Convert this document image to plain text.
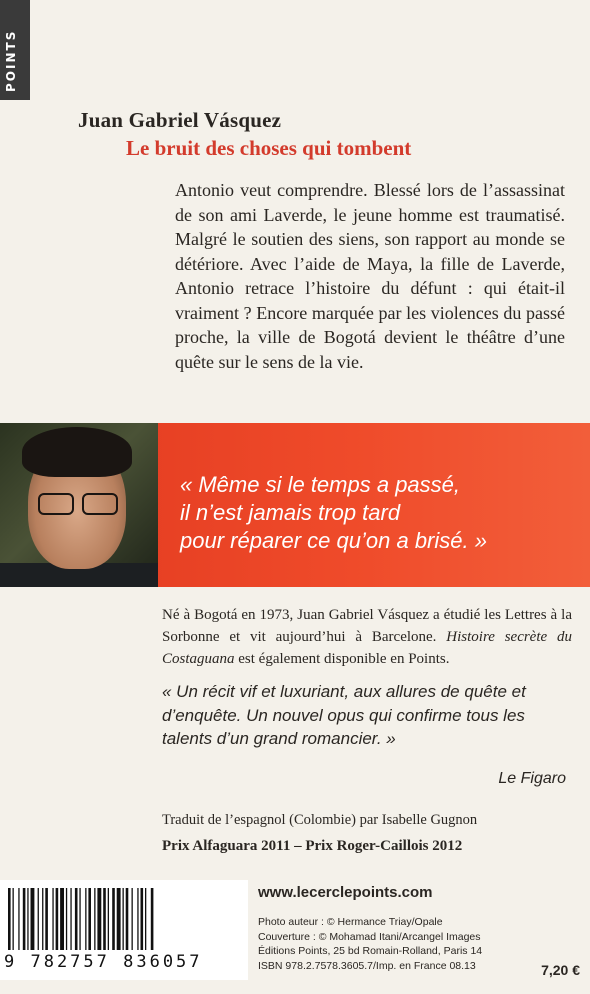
POINTS
Juan Gabriel Vásquez
Le bruit des choses qui tombent
Antonio veut comprendre. Blessé lors de l’assassinat de son ami Laverde, le jeune homme est traumatisé. Malgré le soutien des siens, son rapport au monde se détériore. Avec l’aide de Maya, la fille de Laverde, Antonio retrace l’histoire du défunt : qui était-il vraiment ? Encore marquée par les violences du passé proche, la ville de Bogotá devient le théâtre d’une quête sur le sens de la vie.
« Même si le temps a passé,
il n’est jamais trop tard
pour réparer ce qu’on a brisé. »
Né à Bogotá en 1973, Juan Gabriel Vásquez a étudié les Lettres à la Sorbonne et vit aujourd’hui à Barcelone. Histoire secrète du Costaguana est également disponible en Points.
« Un récit vif et luxuriant, aux allures de quête et d’enquête. Un nouvel opus qui confirme tous les talents d’un grand romancier. »
Le Figaro
Traduit de l’espagnol (Colombie) par Isabelle Gugnon
Prix Alfaguara 2011 – Prix Roger-Caillois 2012
9 782757 836057
www.lecerclepoints.com
Photo auteur : © Hermance Triay/Opale
Couverture : © Mohamad Itani/Arcangel Images
Éditions Points, 25 bd Romain-Rolland, Paris 14
ISBN 978.2.7578.3605.7/Imp. en France 08.13	7,20 €
